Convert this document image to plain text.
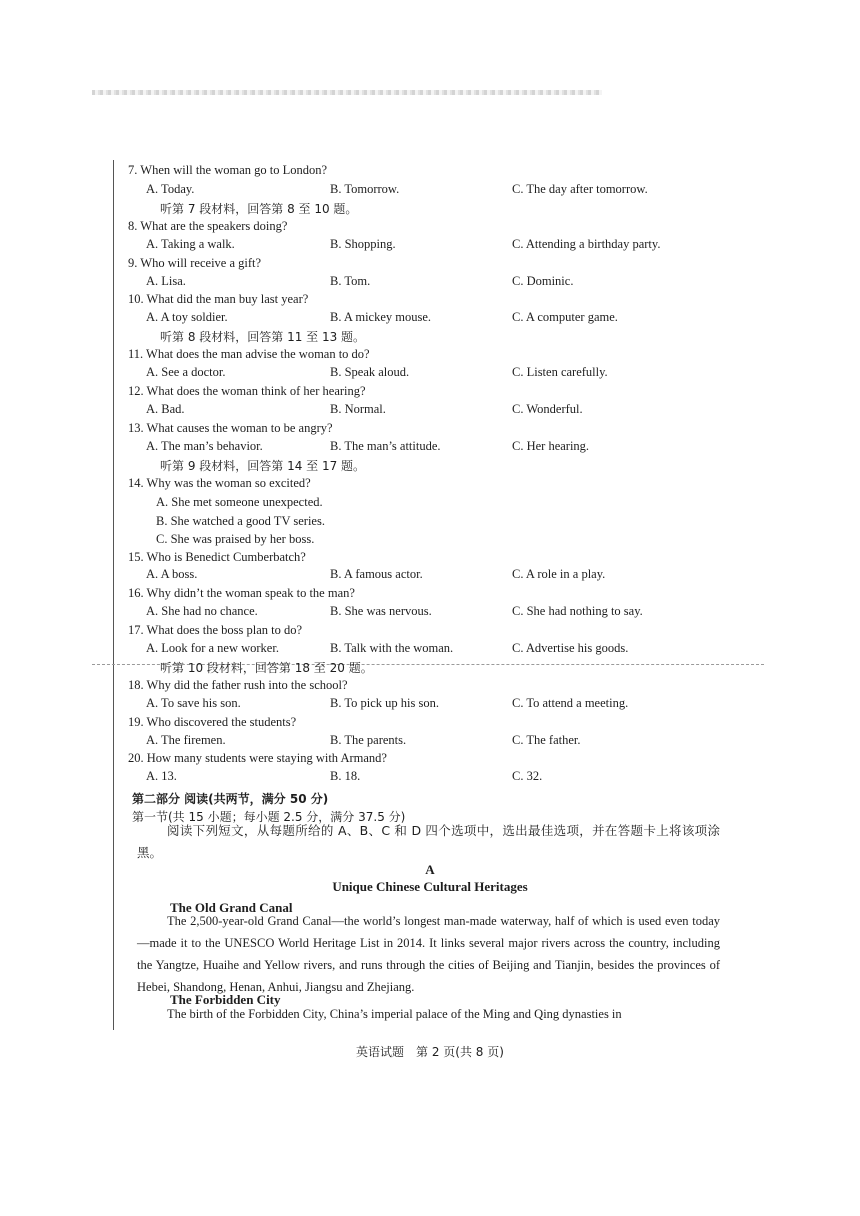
7. When will the woman go to London?
A. Today.	B. Tomorrow.	C. The day after tomorrow.
听第 7 段材料，回答第 8 至 10 题。
8. What are the speakers doing?
A. Taking a walk.	B. Shopping.	C. Attending a birthday party.
9. Who will receive a gift?
A. Lisa.	B. Tom.	C. Dominic.
10. What did the man buy last year?
A. A toy soldier.	B. A mickey mouse.	C. A computer game.
听第 8 段材料，回答第 11 至 13 题。
11. What does the man advise the woman to do?
A. See a doctor.	B. Speak aloud.	C. Listen carefully.
12. What does the woman think of her hearing?
A. Bad.	B. Normal.	C. Wonderful.
13. What causes the woman to be angry?
A. The man’s behavior.	B. The man’s attitude.	C. Her hearing.
听第 9 段材料，回答第 14 至 17 题。
14. Why was the woman so excited?
A. She met someone unexpected.
B. She watched a good TV series.
C. She was praised by her boss.
15. Who is Benedict Cumberbatch?
A. A boss.	B. A famous actor.	C. A role in a play.
16. Why didn’t the woman speak to the man?
A. She had no chance.	B. She was nervous.	C. She had nothing to say.
17. What does the boss plan to do?
A. Look for a new worker.	B. Talk with the woman.	C. Advertise his goods.
听第 10 段材料，回答第 18 至 20 题。
18. Why did the father rush into the school?
A. To save his son.	B. To pick up his son.	C. To attend a meeting.
19. Who discovered the students?
A. The firemen.	B. The parents.	C. The father.
20. How many students were staying with Armand?
A. 13.	B. 18.	C. 32.
第二部分 阅读(共两节，满分 50 分)
第一节(共 15 小题；每小题 2.5 分，满分 37.5 分)
阅读下列短文，从每题所给的 A、B、C 和 D 四个选项中，选出最佳选项，并在答题卡上将该项涂黑。
A
Unique Chinese Cultural Heritages
The Old Grand Canal
The 2,500-year-old Grand Canal—the world’s longest man-made waterway, half of which is used even today—made it to the UNESCO World Heritage List in 2014. It links several major rivers across the country, including the Yangtze, Huaihe and Yellow rivers, and runs through the cities of Beijing and Tianjin, besides the provinces of Hebei, Shandong, Henan, Anhui, Jiangsu and Zhejiang.
The Forbidden City
The birth of the Forbidden City, China’s imperial palace of the Ming and Qing dynasties in
英语试题　第 2 页(共 8 页)
